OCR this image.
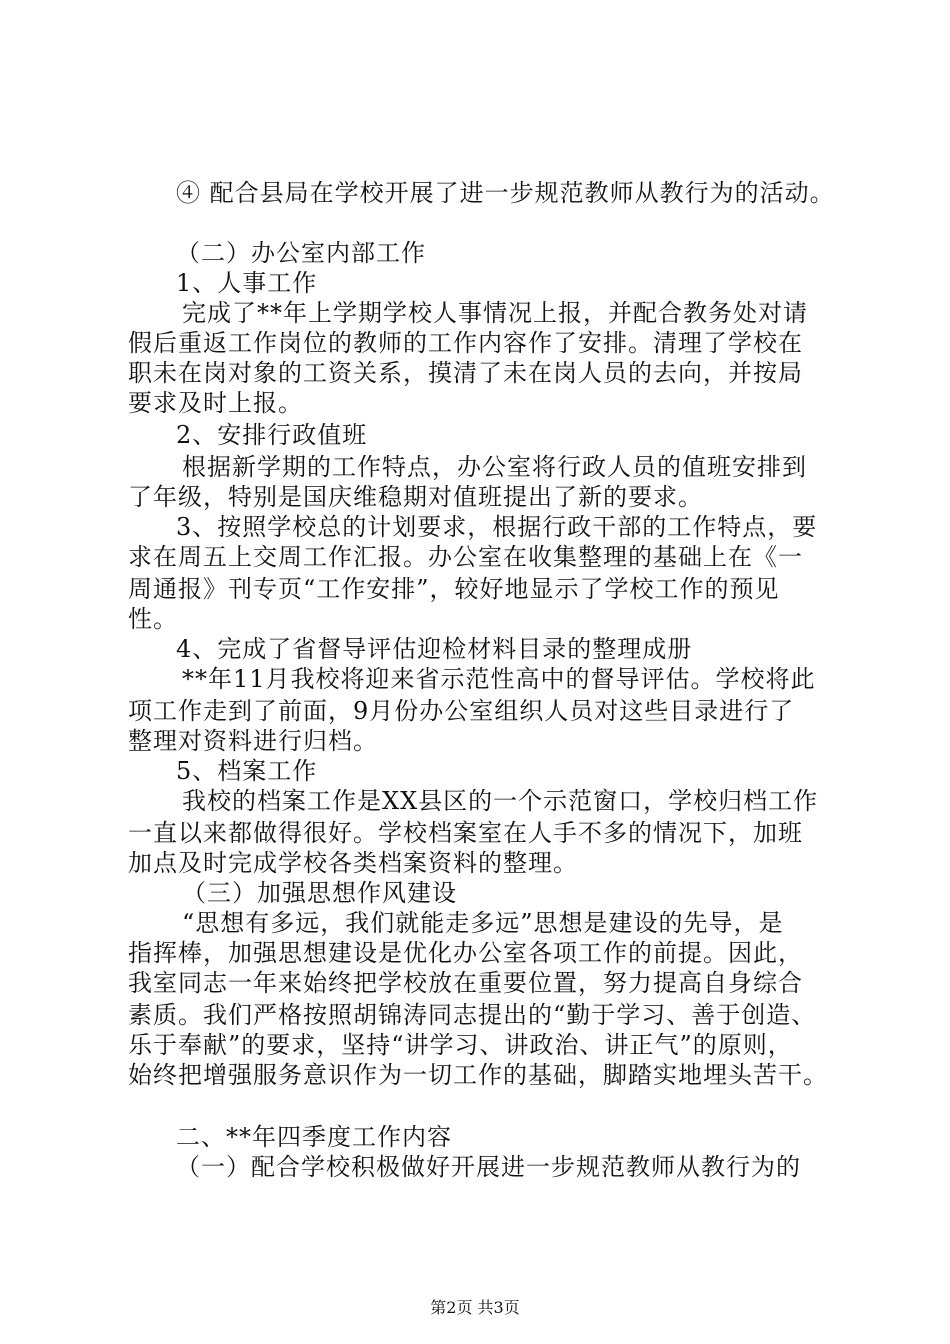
④ 配合县局在学校开展了进一步规范教师从教行为的活动。
（二）办公室内部工作
1、人事工作
完成了**年上学期学校人事情况上报，并配合教务处对请
假后重返工作岗位的教师的工作内容作了安排。清理了学校在
职未在岗对象的工资关系，摸清了未在岗人员的去向，并按局
要求及时上报。
2、安排行政值班
根据新学期的工作特点，办公室将行政人员的值班安排到
了年级，特别是国庆维稳期对值班提出了新的要求。
3、按照学校总的计划要求，根据行政干部的工作特点，要
求在周五上交周工作汇报。办公室在收集整理的基础上在《一
周通报》刊专页“工作安排”，较好地显示了学校工作的预见
性。
4、完成了省督导评估迎检材料目录的整理成册
**年11月我校将迎来省示范性高中的督导评估。学校将此
项工作走到了前面，9月份办公室组织人员对这些目录进行了
整理对资料进行归档。
5、档案工作
我校的档案工作是XX县区的一个示范窗口，学校归档工作
一直以来都做得很好。学校档案室在人手不多的情况下，加班
加点及时完成学校各类档案资料的整理。
（三）加强思想作风建设
“思想有多远，我们就能走多远”思想是建设的先导，是
指挥棒，加强思想建设是优化办公室各项工作的前提。因此，
我室同志一年来始终把学校放在重要位置，努力提高自身综合
素质。我们严格按照胡锦涛同志提出的“勤于学习、善于创造、
乐于奉献”的要求，坚持“讲学习、讲政治、讲正气”的原则，
始终把增强服务意识作为一切工作的基础，脚踏实地埋头苦干。
二、**年四季度工作内容
（一）配合学校积极做好开展进一步规范教师从教行为的
第2页 共3页
